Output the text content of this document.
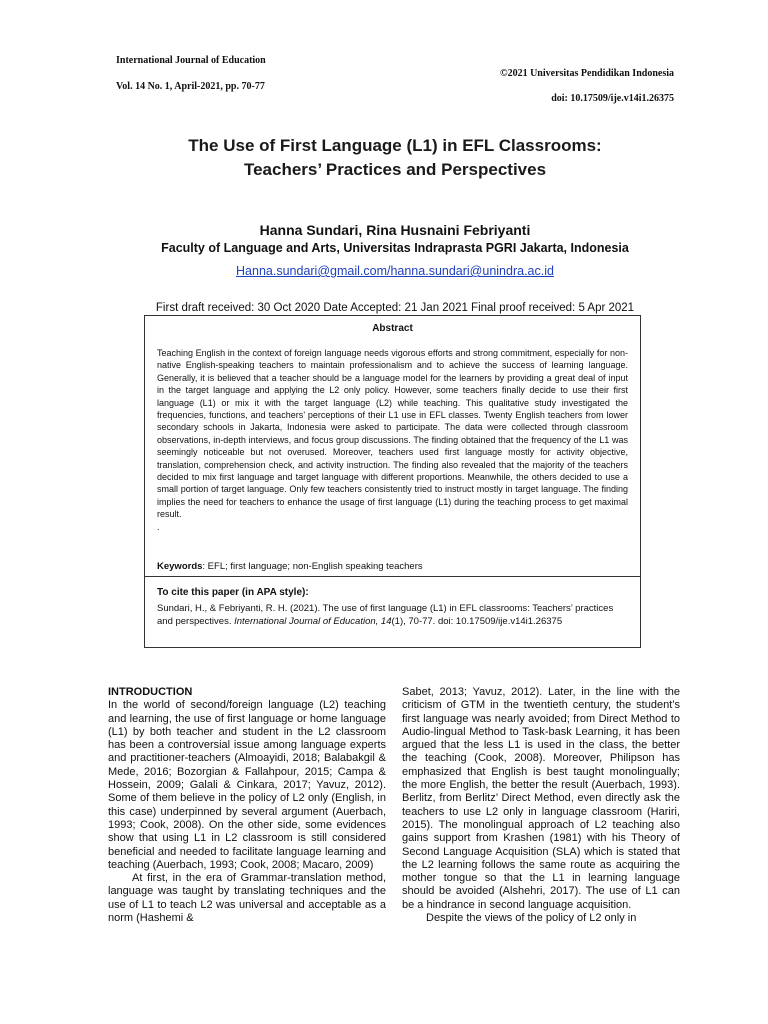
International Journal of Education
Vol. 14 No. 1, April-2021, pp. 70-77
©2021 Universitas Pendidikan Indonesia
doi: 10.17509/ije.v14i1.26375
The Use of First Language (L1) in EFL Classrooms: Teachers’ Practices and Perspectives
Hanna Sundari, Rina Husnaini Febriyanti
Faculty of Language and Arts, Universitas Indraprasta PGRI Jakarta, Indonesia
Hanna.sundari@gmail.com/hanna.sundari@unindra.ac.id
First draft received: 30 Oct 2020 Date Accepted: 21 Jan 2021 Final proof received: 5 Apr 2021
Abstract

Teaching English in the context of foreign language needs vigorous efforts and strong commitment, especially for non-native English-speaking teachers to maintain professionalism and to achieve the success of learning language. Generally, it is believed that a teacher should be a language model for the learners by providing a great deal of input in the target language and applying the L2 only policy. However, some teachers finally decide to use their first language (L1) or mix it with the target language (L2) while teaching. This qualitative study investigated the frequencies, functions, and teachers’ perceptions of their L1 use in EFL classes. Twenty English teachers from lower secondary schools in Jakarta, Indonesia were asked to participate. The data were collected through classroom observations, in-depth interviews, and focus group discussions. The finding obtained that the frequency of the L1 was seemingly noticeable but not overused. Moreover, teachers used first language mostly for activity objective, translation, comprehension check, and activity instruction. The finding also revealed that the majority of the teachers decided to mix first language and target language with different proportions. Meanwhile, the others decided to use a small portion of target language. Only few teachers consistently tried to instruct mostly in target language. The finding implies the need for teachers to enhance the usage of first language (L1) during the teaching process to get maximal result.

.

Keywords: EFL; first language; non-English speaking teachers
To cite this paper (in APA style):
Sundari, H., & Febriyanti, R. H. (2021). The use of first language (L1) in EFL classrooms: Teachers’ practices and perspectives. International Journal of Education, 14(1), 70-77. doi: 10.17509/ije.v14i1.26375

INTRODUCTION

In the world of second/foreign language (L2) teaching and learning, the use of first language or home language (L1) by both teacher and student in the L2 classroom has been a controversial issue among language experts and practitioner-teachers (Almoayidi, 2018; Balabakgil & Mede, 2016; Bozorgian & Fallahpour, 2015; Campa & Hossein, 2009; Galali & Cinkara, 2017; Yavuz, 2012). Some of them believe in the policy of L2 only (English, in this case) underpinned by several argument (Auerbach, 1993; Cook, 2008). On the other side, some evidences show that using L1 in L2 classroom is still considered beneficial and needed to facilitate language learning and teaching (Auerbach, 1993; Cook, 2008; Macaro, 2009)

At first, in the era of Grammar-translation method, language was taught by translating techniques and the use of L1 to teach L2 was universal and acceptable as a norm (Hashemi &

Sabet, 2013; Yavuz, 2012). Later, in the line with the criticism of GTM in the twentieth century, the student’s first language was nearly avoided; from Direct Method to Audio-lingual Method to Task-bask Learning, it has been argued that the less L1 is used in the class, the better the teaching (Cook, 2008). Moreover, Philipson has emphasized that English is best taught monolingually; the more English, the better the result (Auerbach, 1993). Berlitz, from Berlitz’ Direct Method, even directly ask the teachers to use L2 only in language classroom (Hariri, 2015). The monolingual approach of L2 teaching also gains support from Krashen (1981) with his Theory of Second Language Acquisition (SLA) which is stated that the L2 learning follows the same route as acquiring the mother tongue so that the L1 in learning language should be avoided (Alshehri, 2017). The use of L1 can be a hindrance in second language acquisition.

Despite the views of the policy of L2 only in
